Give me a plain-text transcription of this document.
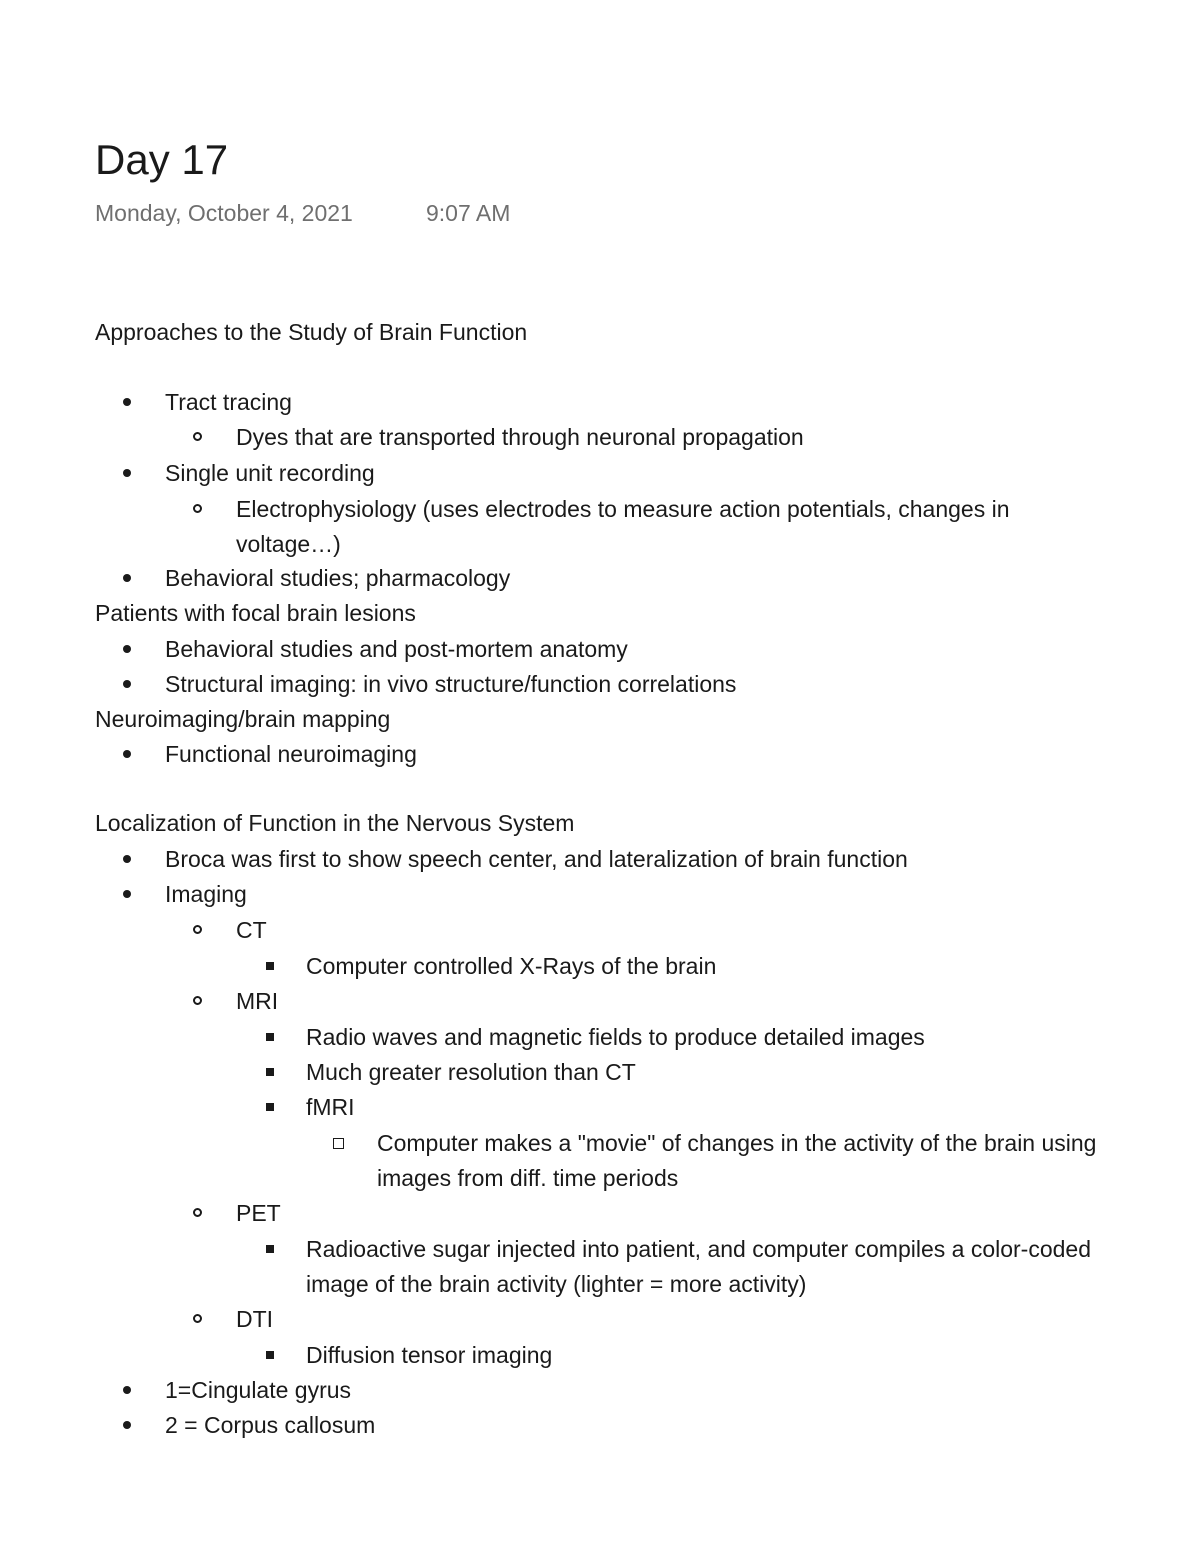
Day 17
Monday, October 4, 2021	9:07 AM
Approaches to the Study of Brain Function
Tract tracing
Dyes that are transported through neuronal propagation
Single unit recording
Electrophysiology (uses electrodes to measure action potentials, changes in
voltage…)
Behavioral studies; pharmacology
Patients with focal brain lesions
Behavioral studies and post-mortem anatomy
Structural imaging: in vivo structure/function correlations
Neuroimaging/brain mapping
Functional neuroimaging
Localization of Function in the Nervous System
Broca was first to show speech center, and lateralization of brain function
Imaging
CT
Computer controlled X-Rays of the brain
MRI
Radio waves and magnetic fields to produce detailed images
Much greater resolution than CT
fMRI
Computer makes a "movie" of changes in the activity of the brain using
images from diff. time periods
PET
Radioactive sugar injected into patient, and computer compiles a color-coded
image of the brain activity (lighter = more activity)
DTI
Diffusion tensor imaging
1=Cingulate gyrus
2 = Corpus callosum
